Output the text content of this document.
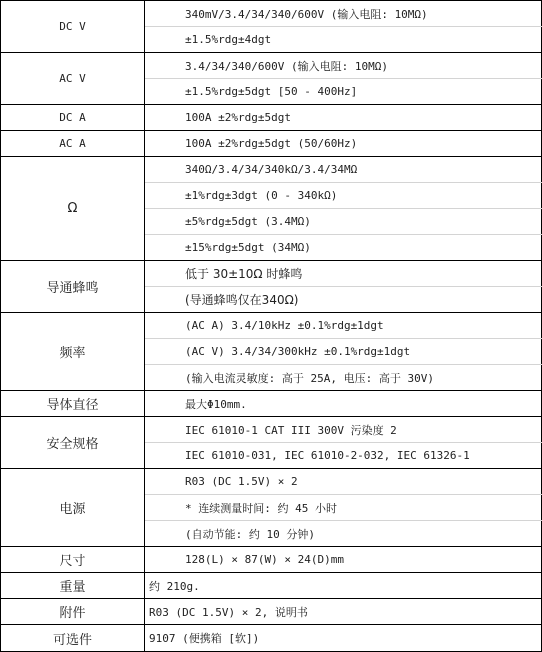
DC V	340mV/3.4/34/340/600V (输入电阻: 10MΩ)
	±1.5%rdg±4dgt
AC V	3.4/34/340/600V (输入电阻: 10MΩ)
	±1.5%rdg±5dgt [50 - 400Hz]
DC A	100A ±2%rdg±5dgt
AC A	100A ±2%rdg±5dgt (50/60Hz)
Ω	340Ω/3.4/34/340kΩ/3.4/34MΩ
	±1%rdg±3dgt (0 - 340kΩ)
	±5%rdg±5dgt (3.4MΩ)
	±15%rdg±5dgt (34MΩ)
导通蜂鸣	低于 30±10Ω 时蜂鸣
	(导通蜂鸣仅在340Ω)
频率	(AC A) 3.4/10kHz ±0.1%rdg±1dgt
	(AC V) 3.4/34/300kHz ±0.1%rdg±1dgt
	(输入电流灵敏度: 高于 25A, 电压: 高于 30V)
导体直径	最大Φ10mm.
安全规格	IEC 61010-1 CAT III 300V 污染度 2
	IEC 61010-031, IEC 61010-2-032, IEC 61326-1
电源	R03 (DC 1.5V) × 2
	* 连续测量时间: 约 45 小时
	(自动节能: 约 10 分钟)
尺寸	128(L) × 87(W) × 24(D)mm
重量	约 210g.
附件	R03 (DC 1.5V) × 2, 说明书
可选件	9107 (便携箱 [软])
